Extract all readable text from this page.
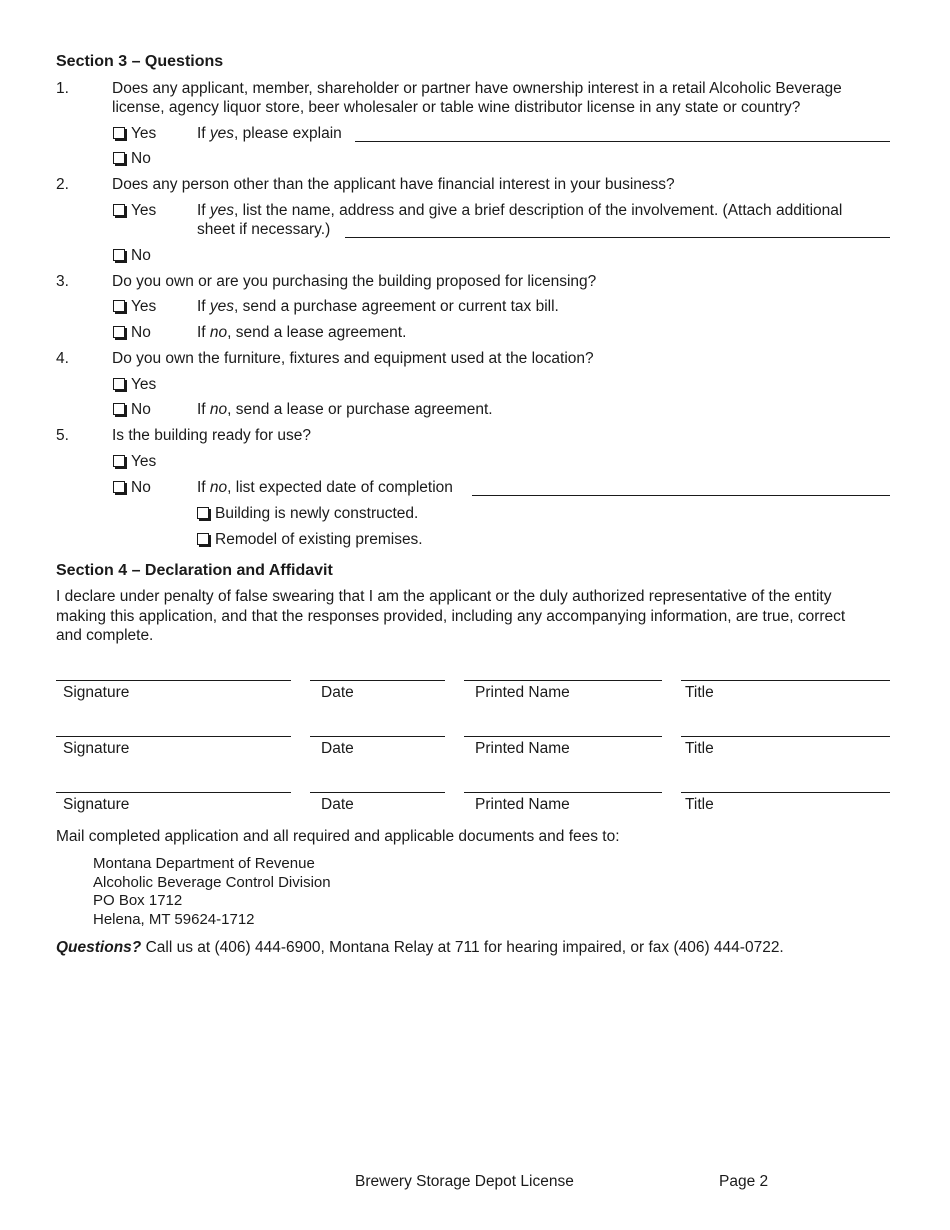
Section 3 – Questions
1.	Does any applicant, member, shareholder or partner have ownership interest in a retail Alcoholic Beverage
license, agency liquor store, beer wholesaler or table wine distributor license in any state or country?
Yes	If yes, please explain
No
2.	Does any person other than the applicant have financial interest in your business?
Yes	If yes, list the name, address and give a brief description of the involvement. (Attach additional
sheet if necessary.)
No
3.	Do you own or are you purchasing the building proposed for licensing?
Yes	If yes, send a purchase agreement or current tax bill.
No	If no, send a lease agreement.
4.	Do you own the furniture, fixtures and equipment used at the location?
Yes
No	If no, send a lease or purchase agreement.
5.	Is the building ready for use?
Yes
No	If no, list expected date of completion
Building is newly constructed.
Remodel of existing premises.
Section 4 – Declaration and Affidavit
I declare under penalty of false swearing that I am the applicant or the duly authorized representative of the entity
making this application, and that the responses provided, including any accompanying information, are true, correct
and complete.
Signature	Date	Printed Name	Title
Signature	Date	Printed Name	Title
Signature	Date	Printed Name	Title
Mail completed application and all required and applicable documents and fees to:
Montana Department of Revenue
Alcoholic Beverage Control Division
PO Box 1712
Helena, MT 59624-1712
Questions? Call us at (406) 444-6900, Montana Relay at 711 for hearing impaired, or fax (406) 444-0722.
Brewery Storage Depot License	Page 2
